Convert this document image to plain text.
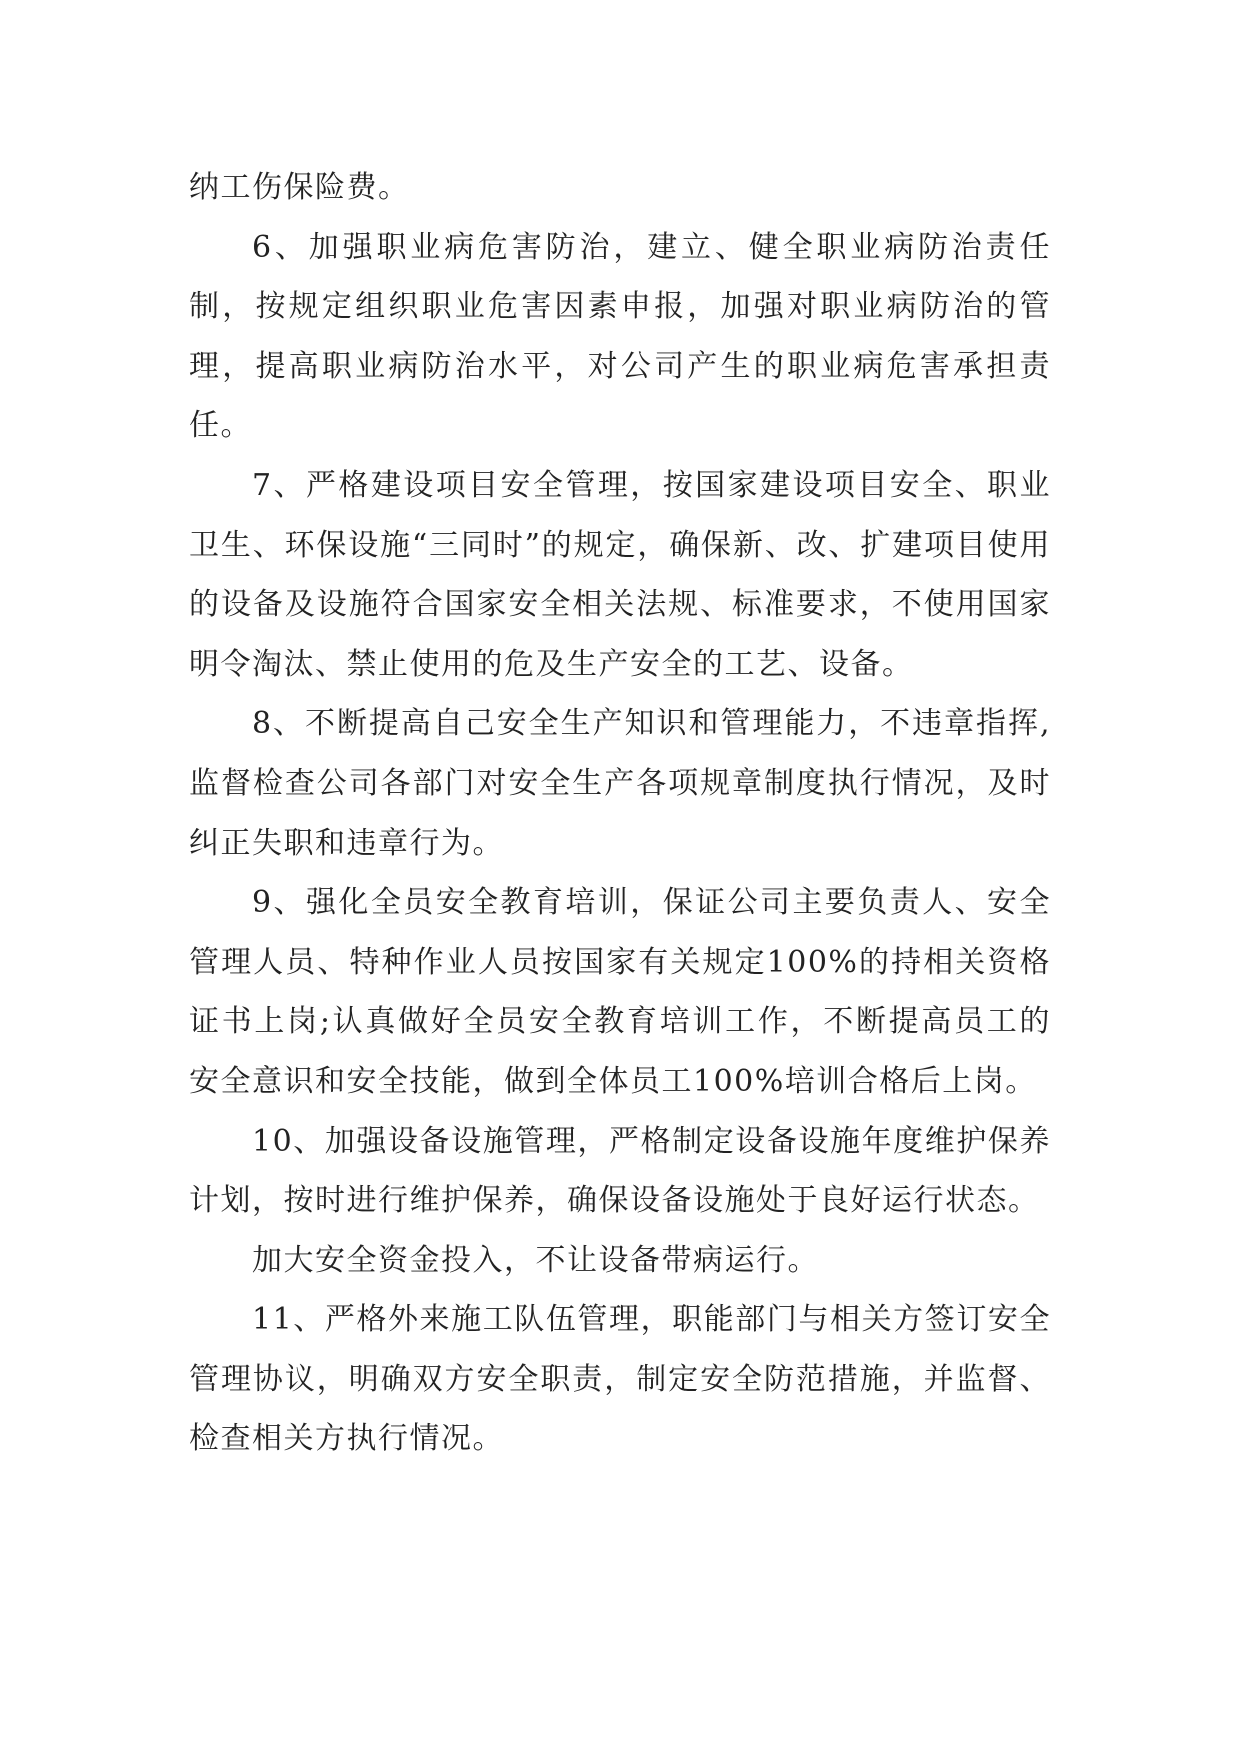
纳工伤保险费。

6、加强职业病危害防治，建立、健全职业病防治责任制，按规定组织职业危害因素申报，加强对职业病防治的管理，提高职业病防治水平，对公司产生的职业病危害承担责任。

7、严格建设项目安全管理，按国家建设项目安全、职业卫生、环保设施“三同时”的规定，确保新、改、扩建项目使用的设备及设施符合国家安全相关法规、标准要求，不使用国家明令淘汰、禁止使用的危及生产安全的工艺、设备。

8、不断提高自己安全生产知识和管理能力，不违章指挥,监督检查公司各部门对安全生产各项规章制度执行情况，及时纠正失职和违章行为。

9、强化全员安全教育培训，保证公司主要负责人、安全管理人员、特种作业人员按国家有关规定100%的持相关资格证书上岗;认真做好全员安全教育培训工作，不断提高员工的安全意识和安全技能，做到全体员工100%培训合格后上岗。

10、加强设备设施管理，严格制定设备设施年度维护保养计划，按时进行维护保养，确保设备设施处于良好运行状态。

加大安全资金投入，不让设备带病运行。

11、严格外来施工队伍管理，职能部门与相关方签订安全管理协议，明确双方安全职责，制定安全防范措施，并监督、检查相关方执行情况。
